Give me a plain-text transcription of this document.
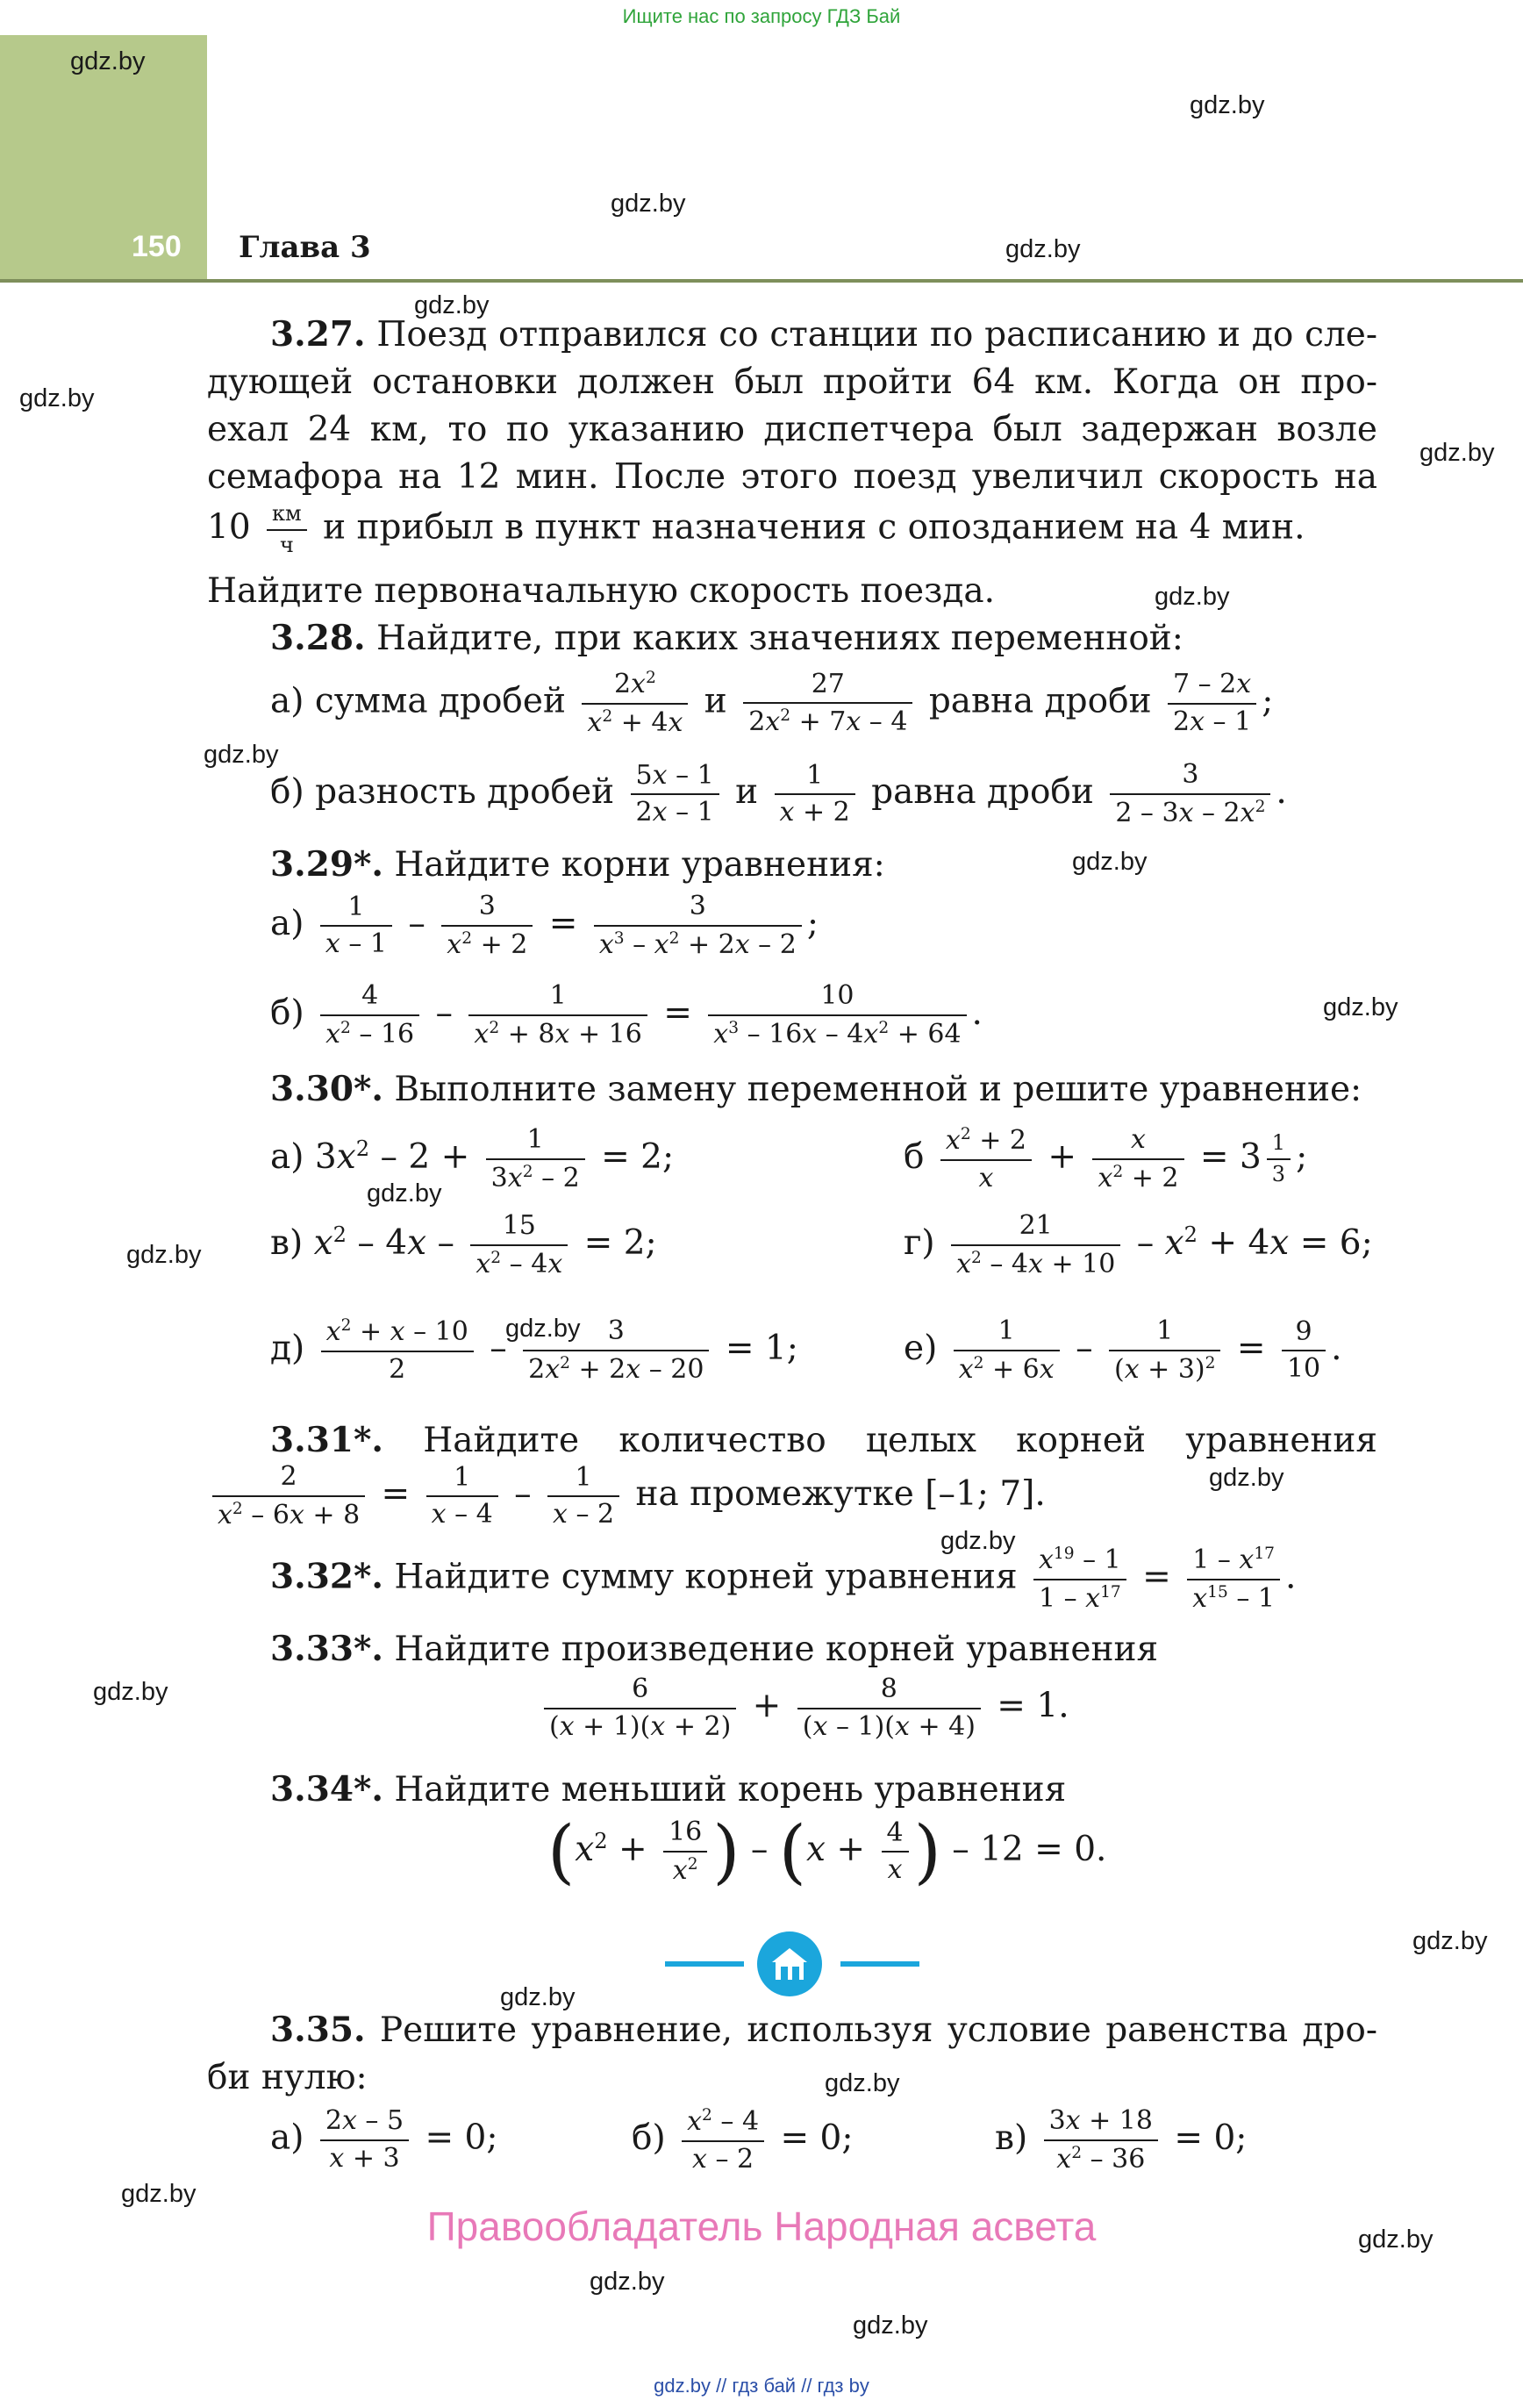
Ищите нас по запросу ГДЗ Бай
150 Глава 3
gdz.by
gdz.by
gdz.by
gdz.by
gdz.by
gdz.by
gdz.by
gdz.by
gdz.by
gdz.by
gdz.by
gdz.by
gdz.by
gdz.by
gdz.by
gdz.by
gdz.by
gdz.by
gdz.by
gdz.by
gdz.by
gdz.by
gdz.by
gdz.by
3.27. Поезд отправился со станции по расписанию и до сле-
дующей остановки должен был пройти 64 км. Когда он про-
ехал 24 км, то по указанию диспетчера был задержан возле
семафора на 12 мин. После этого поезд увеличил скорость на
$10 \frac{км}{ч}$ и прибыл в пункт назначения с опозданием на 4 мин.
Найдите первоначальную скорость поезда.
3.28. Найдите, при каких значениях переменной:
а) сумма дробей $\frac{2x^2}{x^2 + 4x}$ и $\frac{27}{2x^2 + 7x - 4}$ равна дроби $\frac{7 - 2x}{2x - 1}$ ;
б) разность дробей $\frac{5x - 1}{2x - 1}$ и $\frac{1}{x + 2}$ равна дроби $\frac{3}{2 - 3x - 2x^2}$ .
3.29*. Найдите корни уравнения:
$а) \frac{1}{x - 1} - \frac{3}{x^2 + 2} = \frac{3}{x^3 - x^2 + 2x - 2}$ ;
$б) \frac{4}{x^2 - 16} - \frac{1}{x^2 + 8x + 16} = \frac{10}{x^3 - 16x - 4x^2 + 64}$ .
3.30*. Выполните замену переменной и решите уравнение:
а) $3x^2 - 2 + \frac{1}{3x^2 - 2} = 2$;	б $\frac{x^2 + 2}{x} + \frac{x}{x^2 + 2} = 3 \frac{1}{3}$ ;
в) $x^2 - 4x - \frac{15}{x^2 - 4x} = 2$;	$г) \frac{21}{x^2 - 4x + 10} - x^2 + 4x = 6$;
$д) \frac{x^2 + x - 10}{2} - \frac{3}{2x^2 + 2x - 20} = 1$;	$е) \frac{1}{x^2 + 6x} - \frac{1}{(x + 3)^2} = \frac{9}{10}$ .
3.31*. Найдите количество целых корней уравнения
$\frac{2}{x^2 - 6x + 8} = \frac{1}{x - 4} - \frac{1}{x - 2}$ на промежутке [–1; 7].
3.32*. Найдите сумму корней уравнения $\frac{x^{19} - 1}{1 - x^{17}} = \frac{1 - x^{17}}{x^{15} - 1}$ .
3.33*. Найдите произведение корней уравнения
$\frac{6}{(x + 1)(x + 2)} + \frac{8}{(x - 1)(x + 4)} = 1$.
3.34*. Найдите меньший корень уравнения
($x^2 + \frac{16}{x^2}$ ) – ($x + \frac{4}{x}$ ) – 12 = 0.
3.35. Решите уравнение, используя условие равенства дро-
би нулю:
$а) \frac{2x - 5}{x + 3} = 0$;	$б) \frac{x^2 - 4}{x - 2} = 0$;	$в) \frac{3x + 18}{x^2 - 36} = 0$;
Правообладатель Народная асвета
gdz.by // гдз бай // гдз by
